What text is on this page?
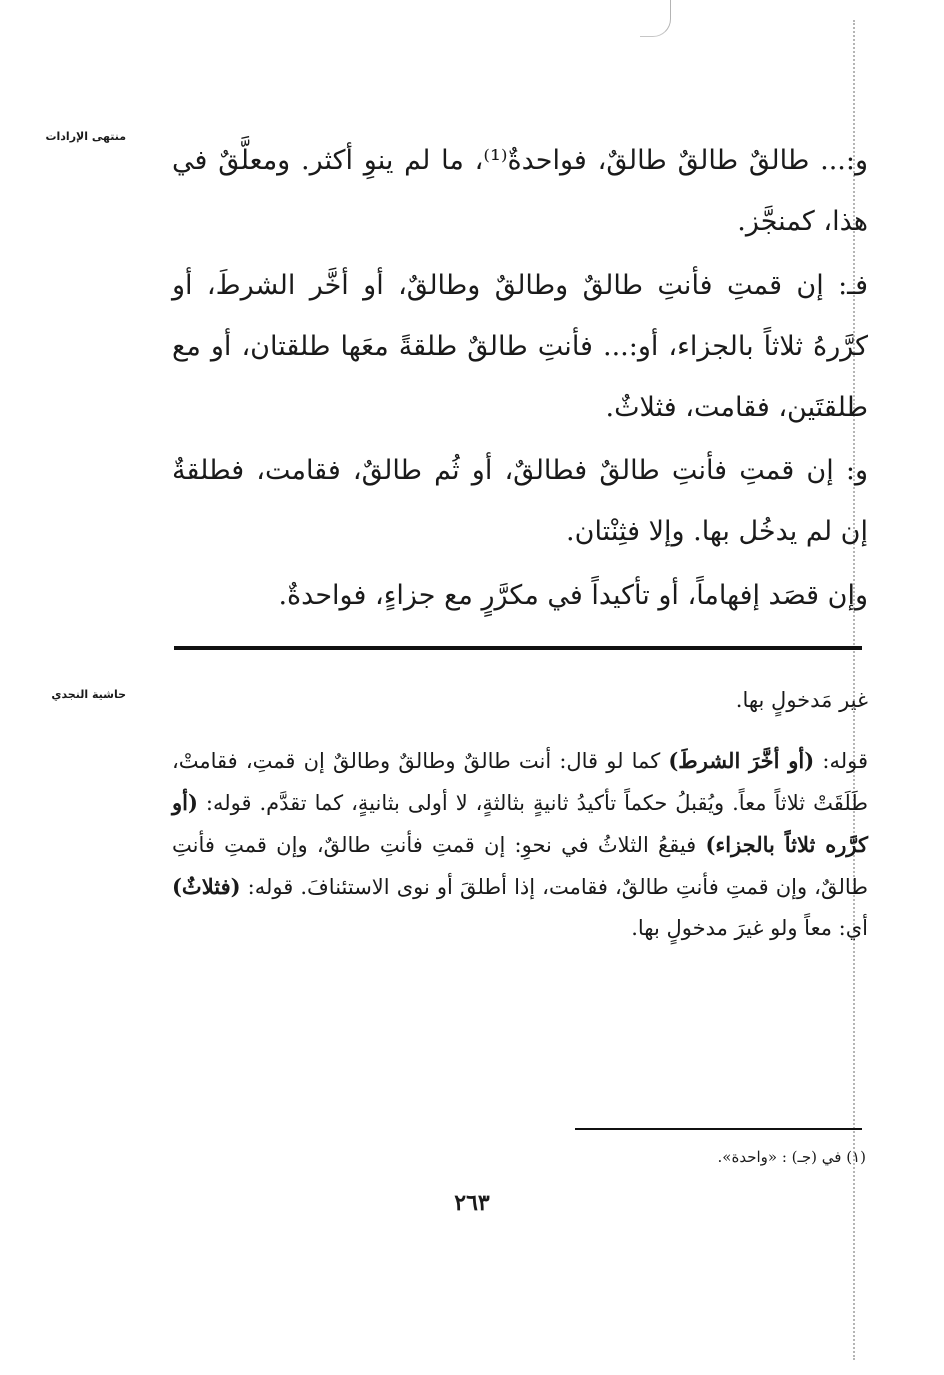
منتهى الإرادات

و:... طالقٌ طالقٌ طالقٌ، فواحدةٌ⁽¹⁾، ما لم ينوِ أكثر. ومعلَّقٌ في هذا، كمنجَّز.

فـ: إن قمتِ فأنتِ طالقٌ وطالقٌ وطالقٌ، أو أخَّر الشرطَ، أو كرَّرهُ ثلاثاً بالجزاء، أو:... فأنتِ طالقٌ طلقةً معَها طلقتان، أو مع طلقتَين، فقامت، فثلاثٌ.

و: إن قمتِ فأنتِ طالقٌ فطالقٌ، أو ثُم طالقٌ، فقامت، فطلقةٌ إن لم يدخُل بها. وإلا فثِنْتان.

وإن قصَد إفهاماً، أو تأكيداً في مكرَّرٍ مع جزاءٍ، فواحدةٌ.

حاشية النجدي	غير مَدخولٍ بها.

قوله: (أو أخَّرَ الشرطَ) كما لو قال: أنت طالقٌ وطالقٌ وطالقٌ إن قمتِ، فقامتْ، طَلَقَتْ ثلاثاً معاً. ويُقبلُ حكماً تأكيدُ ثانيةٍ بثالثةٍ، لا أولى بثانيةٍ، كما تقدَّم. قوله: (أو كرَّره ثلاثاً بالجزاء) فيقعُ الثلاثُ في نحوِ: إن قمتِ فأنتِ طالقٌ، وإن قمتِ فأنتِ طالقٌ، وإن قمتِ فأنتِ طالقٌ، فقامت، إذا أطلقَ أو نوى الاستئنافَ. قوله: (فثلاثٌ) أي: معاً ولو غيرَ مدخولٍ بها.

(١) في (جـ) : «واحدة».

٢٦٣
